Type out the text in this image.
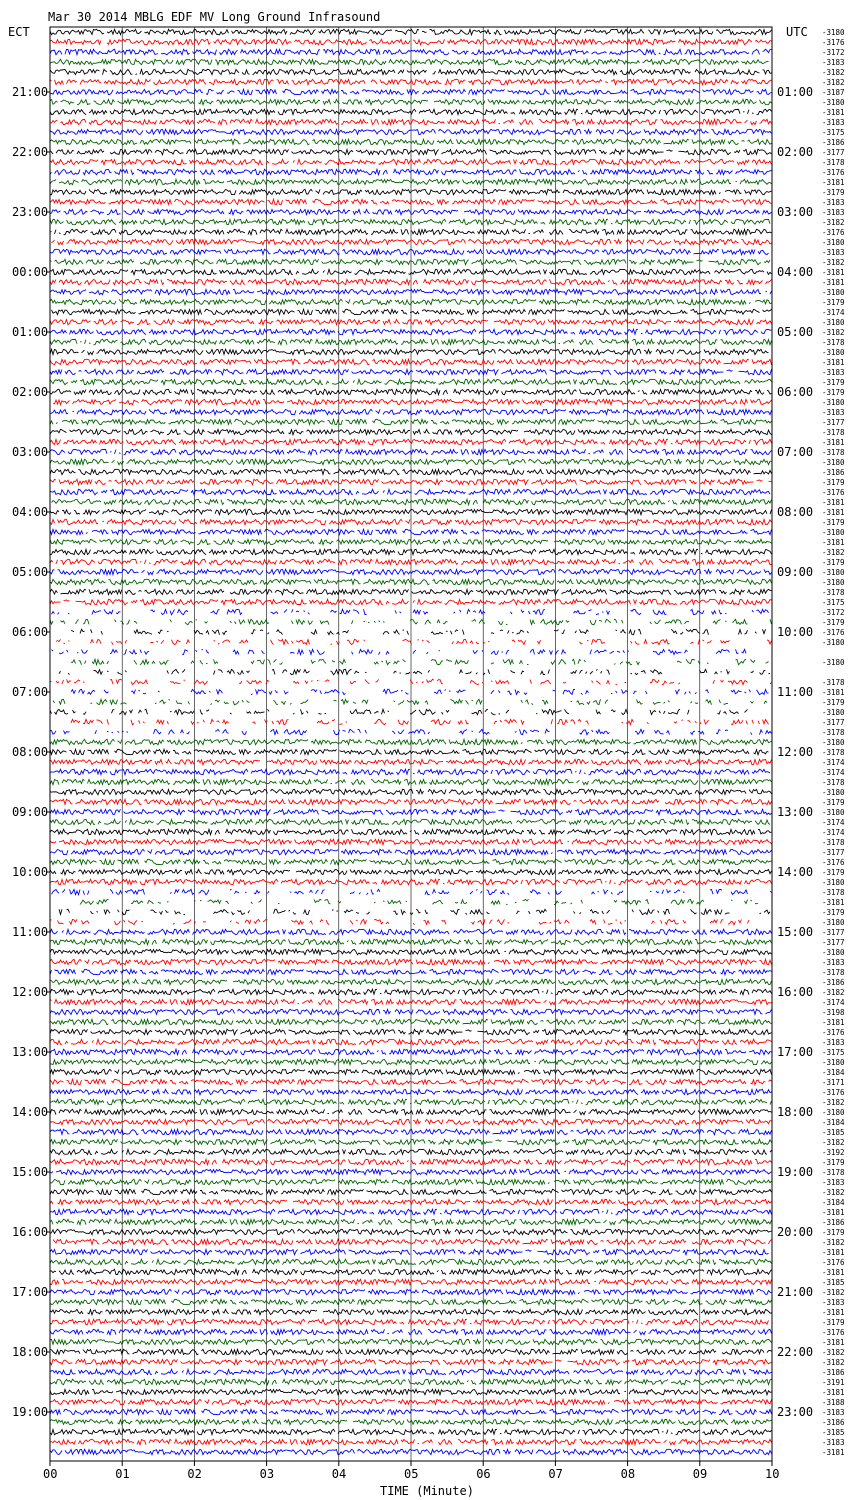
Mar 30 2014 MBLG EDF MV Long Ground Infrasound
ECT	UTC
21:00
22:00
23:00
00:00
01:00
02:00
03:00
04:00
05:00
06:00
07:00
08:00
09:00
10:00
11:00
12:00
13:00
14:00
15:00
16:00
17:00
18:00
19:00
01:00
02:00
03:00
04:00
05:00
06:00
07:00
08:00
09:00
10:00
11:00
12:00
13:00
14:00
15:00
16:00
17:00
18:00
19:00
20:00
21:00
22:00
23:00
-3180
-3176
-3172
-3183
-3182
-3182
-3187
-3180
-3181
-3183
-3175
-3186
-3177
-3178
-3176
-3181
-3179
-3183
-3183
-3182
-3176
-3180
-3183
-3182
-3181
-3181
-3180
-3179
-3174
-3180
-3182
-3178
-3180
-3181
-3183
-3179
-3179
-3180
-3183
-3177
-3178
-3181
-3178
-3180
-3186
-3179
-3176
-3181
-3181
-3179
-3180
-3181
-3182
-3179
-3180
-3180
-3178
-3175
-3172
-3179
-3176
-3180
-3180
-3178
-3181
-3179
-3180
-3177
-3178
-3180
-3178
-3174
-3174
-3178
-3180
-3179
-3180
-3174
-3174
-3178
-3177
-3176
-3179
-3180
-3178
-3181
-3179
-3180
-3177
-3177
-3180
-3183
-3178
-3186
-3182
-3174
-3198
-3181
-3176
-3183
-3175
-3180
-3184
-3171
-3176
-3182
-3180
-3184
-3185
-3182
-3192
-3179
-3178
-3183
-3182
-3184
-3181
-3186
-3179
-3182
-3181
-3176
-3181
-3185
-3182
-3183
-3181
-3179
-3176
-3181
-3182
-3182
-3186
-3191
-3181
-3188
-3183
-3186
-3185
-3183
-3181
00	01	02	03	04	05	06	07	08	09	10
TIME (Minute)
